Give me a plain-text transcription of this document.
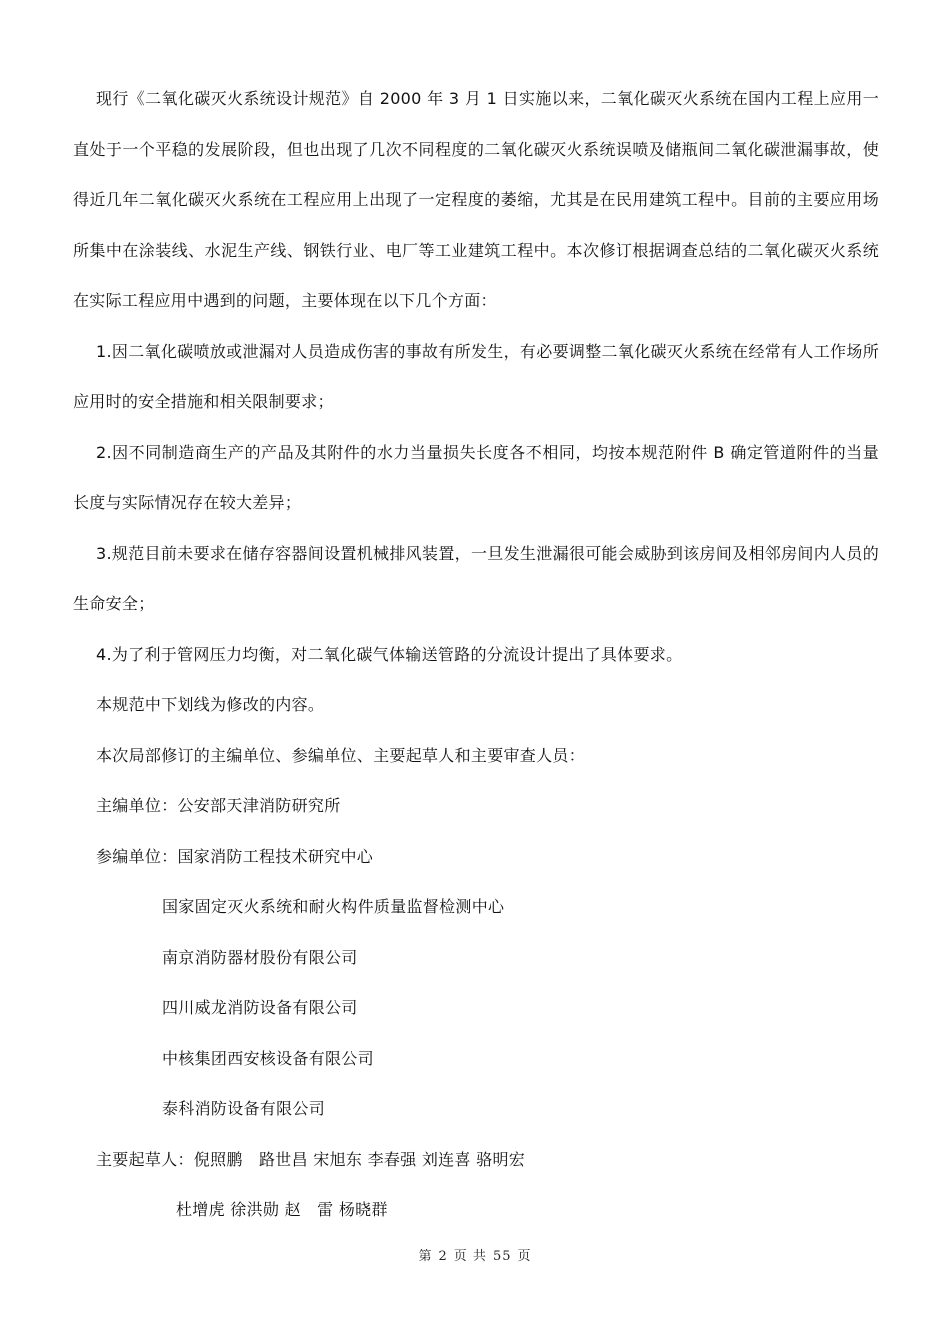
现行《二氧化碳灭火系统设计规范》自 2000 年 3 月 1 日实施以来，二氧化碳灭火系统在国内工程上应用一直处于一个平稳的发展阶段，但也出现了几次不同程度的二氧化碳灭火系统误喷及储瓶间二氧化碳泄漏事故，使得近几年二氧化碳灭火系统在工程应用上出现了一定程度的萎缩，尤其是在民用建筑工程中。目前的主要应用场所集中在涂装线、水泥生产线、钢铁行业、电厂等工业建筑工程中。本次修订根据调查总结的二氧化碳灭火系统在实际工程应用中遇到的问题，主要体现在以下几个方面：

1.因二氧化碳喷放或泄漏对人员造成伤害的事故有所发生，有必要调整二氧化碳灭火系统在经常有人工作场所应用时的安全措施和相关限制要求；

2.因不同制造商生产的产品及其附件的水力当量损失长度各不相同，均按本规范附件 B 确定管道附件的当量长度与实际情况存在较大差异；

3.规范目前未要求在储存容器间设置机械排风装置，一旦发生泄漏很可能会威胁到该房间及相邻房间内人员的生命安全；

4.为了利于管网压力均衡，对二氧化碳气体输送管路的分流设计提出了具体要求。

本规范中下划线为修改的内容。

本次局部修订的主编单位、参编单位、主要起草人和主要审查人员：

主编单位：公安部天津消防研究所

参编单位：国家消防工程技术研究中心

国家固定灭火系统和耐火构件质量监督检测中心

南京消防器材股份有限公司

四川威龙消防设备有限公司

中核集团西安核设备有限公司

泰科消防设备有限公司

主要起草人：倪照鹏　路世昌 宋旭东 李春强 刘连喜 骆明宏

杜增虎 徐洪勋 赵　雷 杨晓群

第 2 页 共 55 页
